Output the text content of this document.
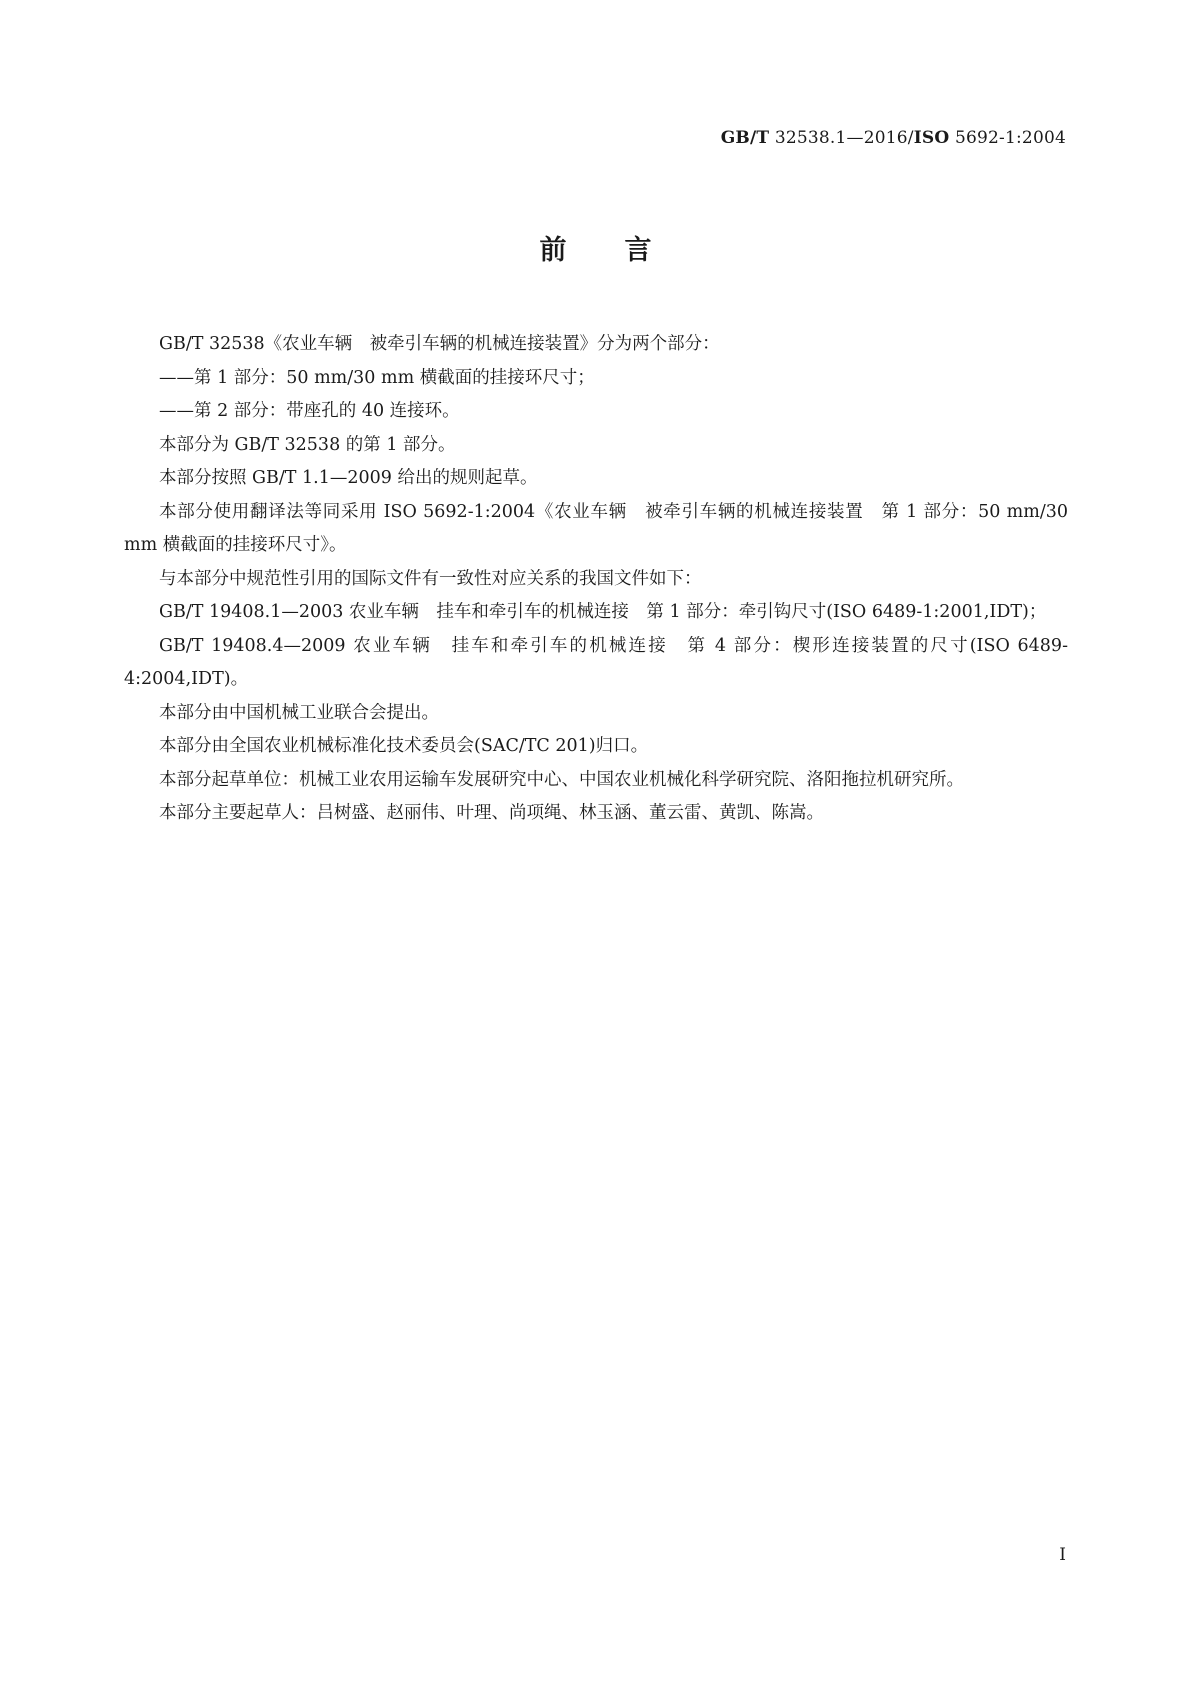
GB/T 32538.1—2016/ISO 5692-1:2004
前言

GB/T 32538《农业车辆　被牵引车辆的机械连接装置》分为两个部分：

——第 1 部分：50 mm/30 mm 横截面的挂接环尺寸；

——第 2 部分：带座孔的 40 连接环。

本部分为 GB/T 32538 的第 1 部分。

本部分按照 GB/T 1.1—2009 给出的规则起草。

本部分使用翻译法等同采用 ISO 5692-1:2004《农业车辆　被牵引车辆的机械连接装置　第 1 部分：50 mm/30 mm 横截面的挂接环尺寸》。

与本部分中规范性引用的国际文件有一致性对应关系的我国文件如下：

GB/T 19408.1—2003 农业车辆　挂车和牵引车的机械连接　第 1 部分：牵引钩尺寸(ISO 6489-1:2001,IDT)；

GB/T 19408.4—2009 农业车辆　挂车和牵引车的机械连接　第 4 部分：楔形连接装置的尺寸(ISO 6489-4:2004,IDT)。

本部分由中国机械工业联合会提出。

本部分由全国农业机械标准化技术委员会(SAC/TC 201)归口。

本部分起草单位：机械工业农用运输车发展研究中心、中国农业机械化科学研究院、洛阳拖拉机研究所。

本部分主要起草人：吕树盛、赵丽伟、叶理、尚项绳、林玉涵、董云雷、黄凯、陈嵩。

I
